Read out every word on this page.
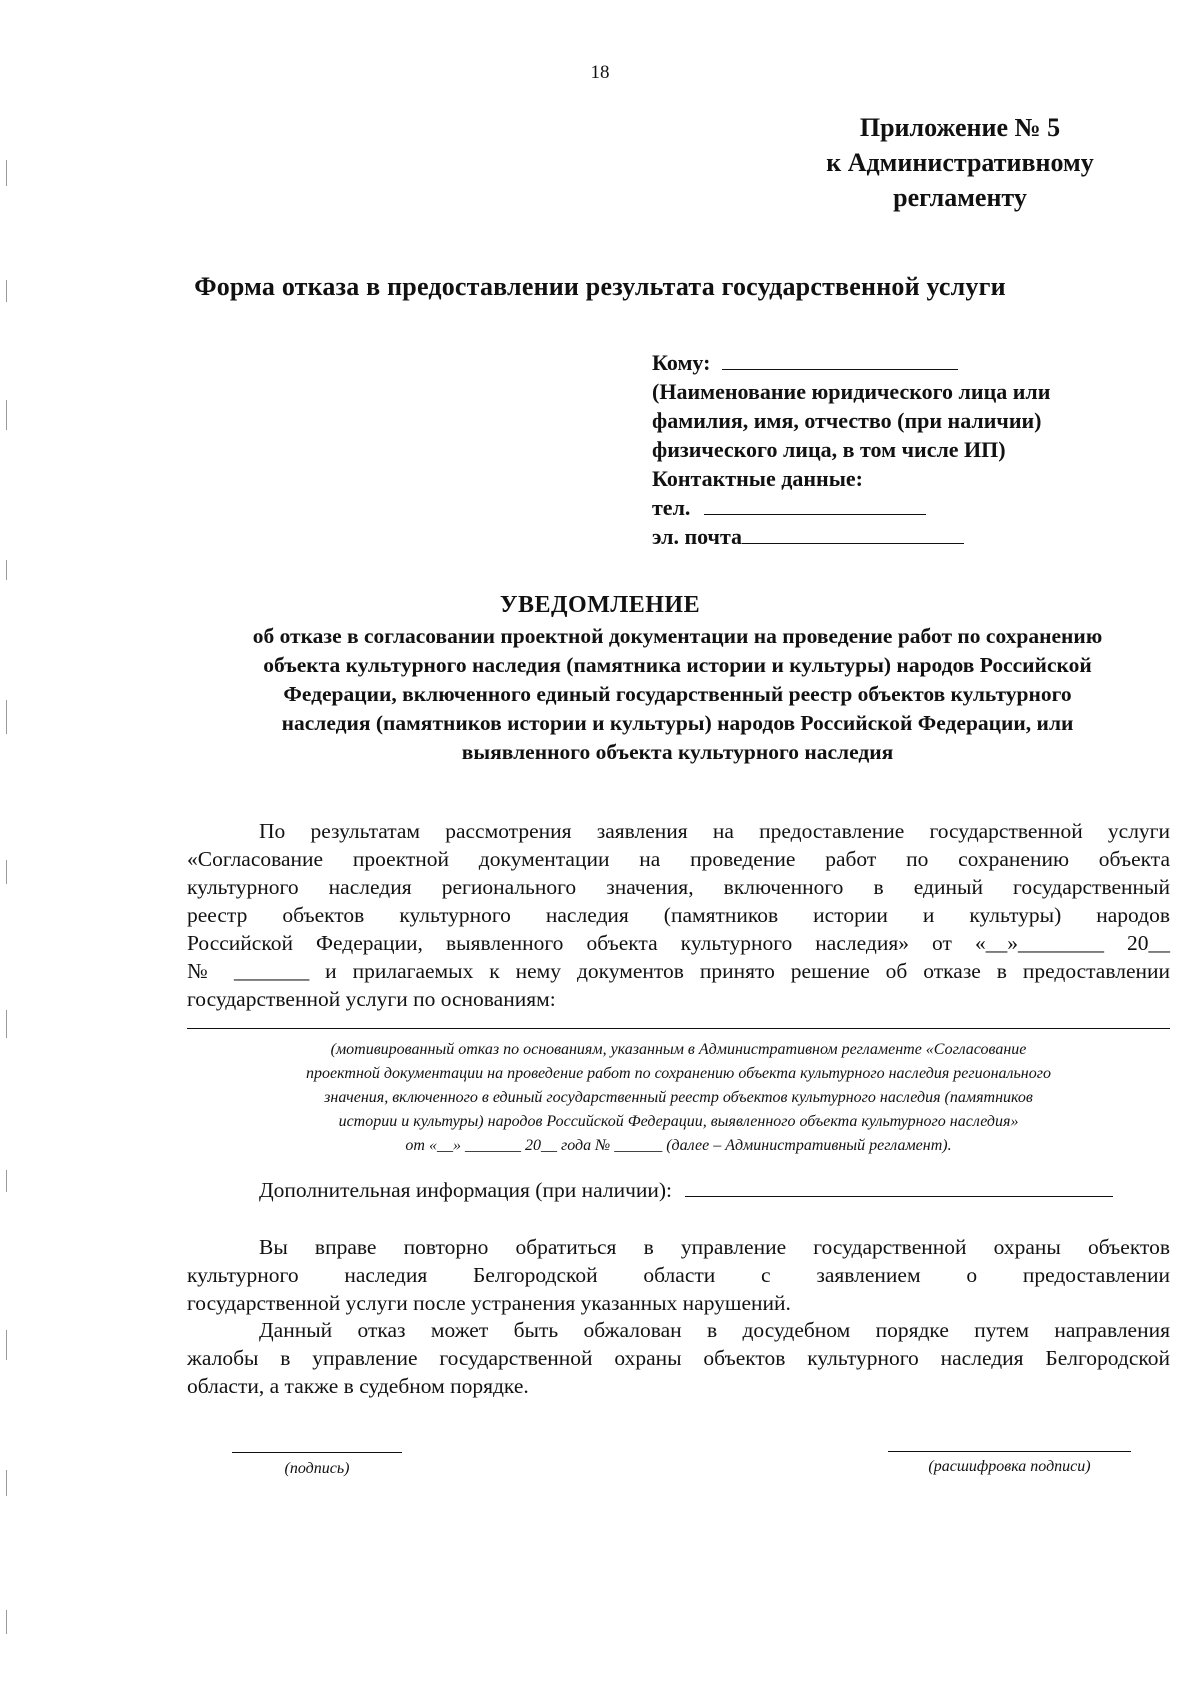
18
Приложение № 5
к Административному
регламенту
Форма отказа в предоставлении результата государственной услуги
Кому:
(Наименование юридического лица или
фамилия, имя, отчество (при наличии)
физического лица, в том числе ИП)
Контактные данные:
тел.
эл. почта
УВЕДОМЛЕНИЕ
об отказе в согласовании проектной документации на проведение работ по сохранению
объекта культурного наследия (памятника истории и культуры) народов Российской
Федерации, включенного единый государственный реестр объектов культурного
наследия (памятников истории и культуры) народов Российской Федерации, или
выявленного объекта культурного наследия
По результатам рассмотрения заявления на предоставление государственной услуги
«Согласование проектной документации на проведение работ по сохранению объекта
культурного наследия регионального значения, включенного в единый государственный
реестр объектов культурного наследия (памятников истории и культуры) народов
Российской Федерации, выявленного объекта культурного наследия» от «__»________ 20__
№ _______ и прилагаемых к нему документов принято решение об отказе в предоставлении
государственной услуги по основаниям:
(мотивированный отказ по основаниям, указанным в Административном регламенте «Согласование
проектной документации на проведение работ по сохранению объекта культурного наследия регионального
значения, включенного в единый государственный реестр объектов культурного наследия (памятников
истории и культуры) народов Российской Федерации, выявленного объекта культурного наследия»
от «__» _______ 20__ года № ______ (далее – Административный регламент).
Дополнительная информация (при наличии):
Вы вправе повторно обратиться в управление государственной охраны объектов
культурного наследия Белгородской области с заявлением о предоставлении
государственной услуги после устранения указанных нарушений.
Данный отказ может быть обжалован в досудебном порядке путем направления
жалобы в управление государственной охраны объектов культурного наследия Белгородской
области, а также в судебном порядке.
(подпись)	(расшифровка подписи)
